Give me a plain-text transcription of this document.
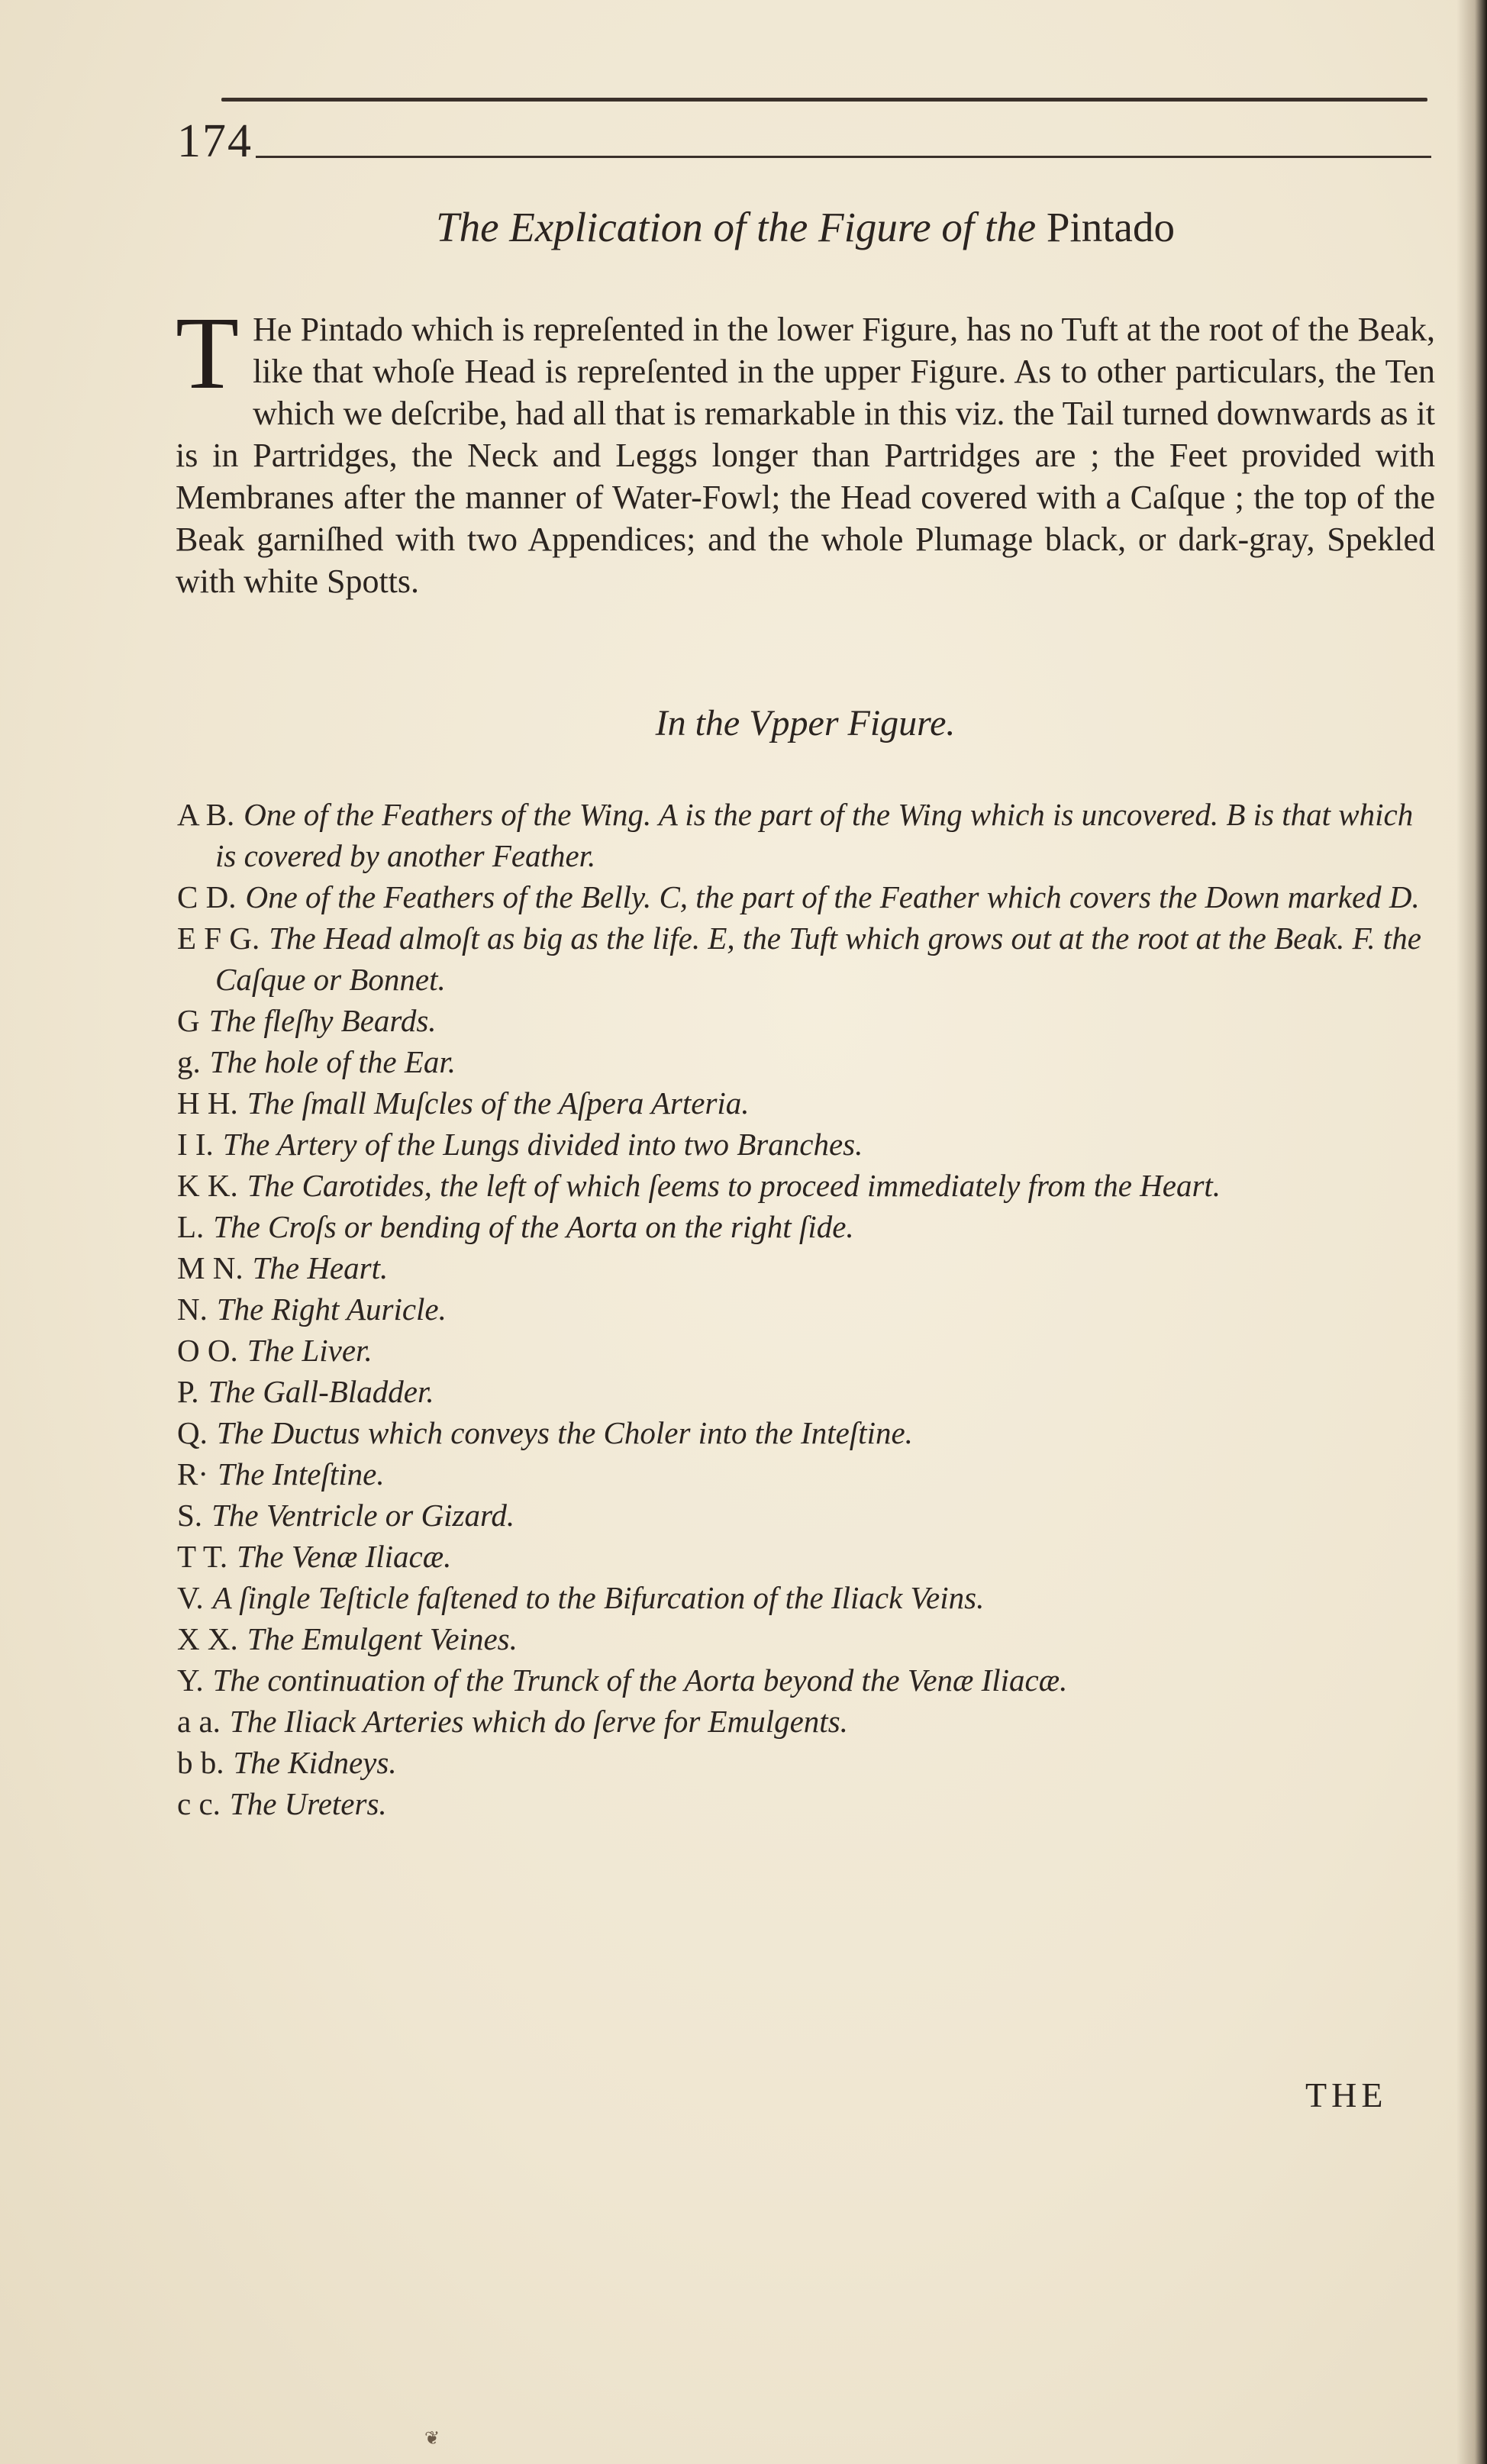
174
The Explication of the Figure of the Pintado
T He Pintado which is repreſented in the lower Figure, has no Tuft at the root of the Beak, like that whoſe Head is repreſented in the upper Figure. As to other particulars, the Ten which we deſcribe, had all that is remarkable in this viz. the Tail turned downwards as it is in Partridges, the Neck and Leggs longer than Partridges are ; the Feet provided with Membranes after the manner of Water-Fowl; the Head covered with a Caſque ; the top of the Beak garniſhed with two Appendices; and the whole Plumage black, or dark-gray, Spekled with white Spotts.
In the Vpper Figure.
A B. One of the Feathers of the Wing. A is the part of the Wing which is uncovered. B is that which is covered by another Feather.
C D. One of the Feathers of the Belly. C, the part of the Feather which covers the Down marked D.
E F G. The Head almoſt as big as the life. E, the Tuft which grows out at the root at the Beak. F. the Caſque or Bonnet.
G The fleſhy Beards.
g. The hole of the Ear.
H H. The ſmall Muſcles of the Aſpera Arteria.
I I. The Artery of the Lungs divided into two Branches.
K K. The Carotides, the left of which ſeems to proceed immediately from the Heart.
L. The Croſs or bending of the Aorta on the right ſide.
M N. The Heart.
N. The Right Auricle.
O O. The Liver.
P. The Gall-Bladder.
Q. The Ductus which conveys the Choler into the Inteſtine.
R· The Inteſtine.
S. The Ventricle or Gizard.
T T. The Venæ Iliacæ.
V. A ſingle Teſticle faſtened to the Bifurcation of the Iliack Veins.
X X. The Emulgent Veines.
Y. The continuation of the Trunck of the Aorta beyond the Venæ Iliacæ.
a a. The Iliack Arteries which do ſerve for Emulgents.
b b. The Kidneys.
c c. The Ureters.
THE
❦
